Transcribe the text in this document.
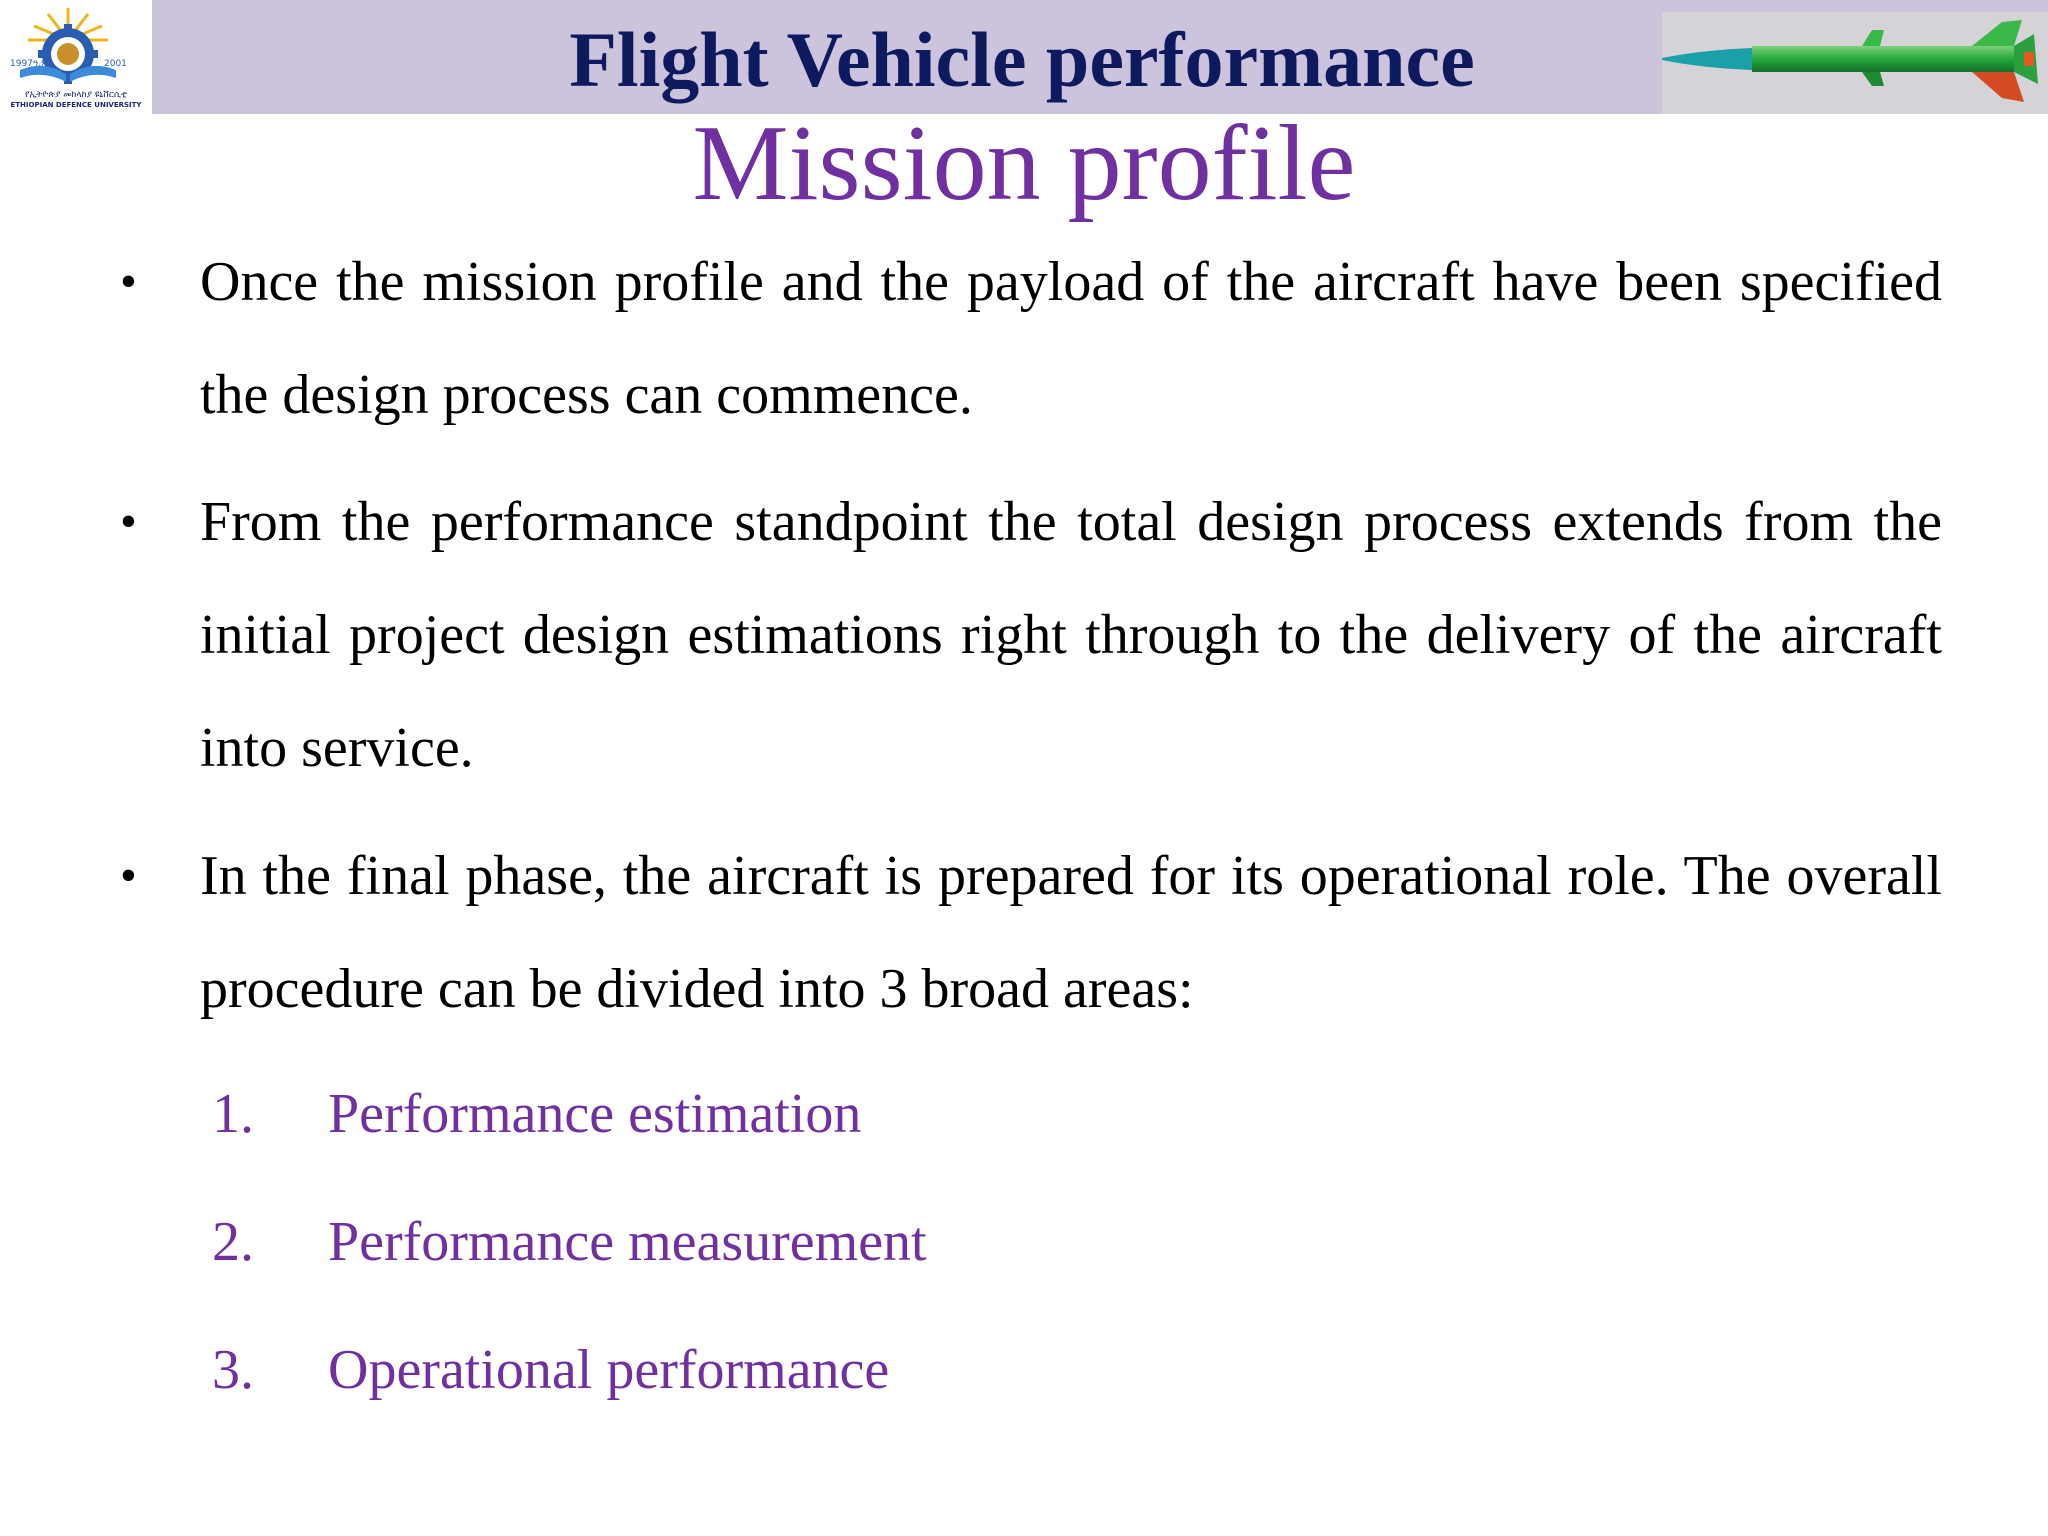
1997ዓ.ም	2001
የኢትዮጵያ መከላከያ ዩኒቨርሲቲ
ETHIOPIAN DEFENCE UNIVERSITY
Flight Vehicle performance
Mission profile
• Once the mission profile and the payload of the aircraft have been specified the design process can commence.

• From the performance standpoint the total design process extends from the initial project design estimations right through to the delivery of the aircraft into service.

• In the final phase, the aircraft is prepared for its operational role. The overall procedure can be divided into 3 broad areas:

1. Performance estimation
2. Performance measurement
3. Operational performance
